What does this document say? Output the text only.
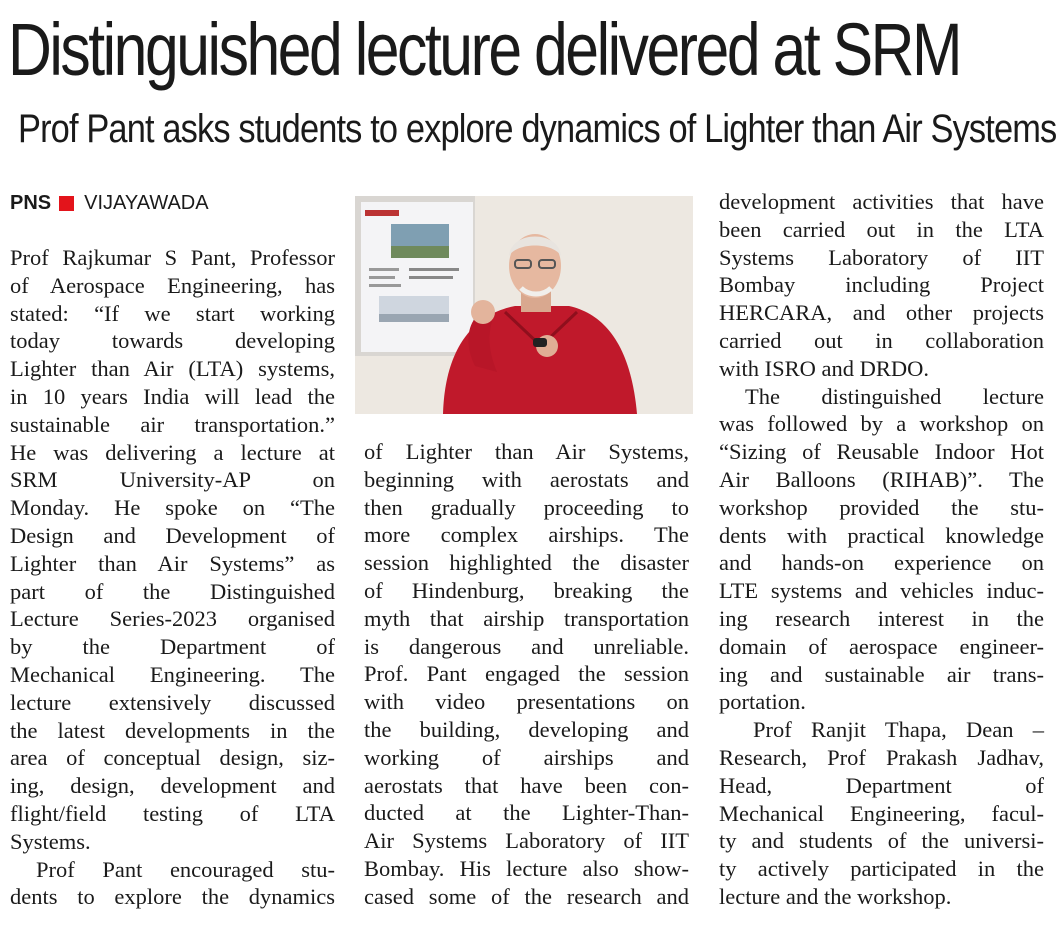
Distinguished lecture delivered at SRM
Prof Pant asks students to explore dynamics of Lighter than Air Systems
PNS VIJAYAWADA
Prof Rajkumar S Pant, Professor
of Aerospace Engineering, has
stated: “If we start working
today towards developing
Lighter than Air (LTA) systems,
in 10 years India will lead the
sustainable air transportation.”
He was delivering a lecture at
SRM University-AP on
Monday. He spoke on “The
Design and Development of
Lighter than Air Systems” as
part of the Distinguished
Lecture Series-2023 organised
by the Department of
Mechanical Engineering. The
lecture extensively discussed
the latest developments in the
area of conceptual design, siz-
ing, design, development and
flight/field testing of LTA
Systems.
Prof Pant encouraged stu-
dents to explore the dynamics
of Lighter than Air Systems,
beginning with aerostats and
then gradually proceeding to
more complex airships. The
session highlighted the disaster
of Hindenburg, breaking the
myth that airship transportation
is dangerous and unreliable.
Prof. Pant engaged the session
with video presentations on
the building, developing and
working of airships and
aerostats that have been con-
ducted at the Lighter-Than-
Air Systems Laboratory of IIT
Bombay. His lecture also show-
cased some of the research and
development activities that have
been carried out in the LTA
Systems Laboratory of IIT
Bombay including Project
HERCARA, and other projects
carried out in collaboration
with ISRO and DRDO.
The distinguished lecture
was followed by a workshop on
“Sizing of Reusable Indoor Hot
Air Balloons (RIHAB)”. The
workshop provided the stu-
dents with practical knowledge
and hands-on experience on
LTE systems and vehicles induc-
ing research interest in the
domain of aerospace engineer-
ing and sustainable air trans-
portation.
Prof Ranjit Thapa, Dean –
Research, Prof Prakash Jadhav,
Head, Department of
Mechanical Engineering, facul-
ty and students of the universi-
ty actively participated in the
lecture and the workshop.
